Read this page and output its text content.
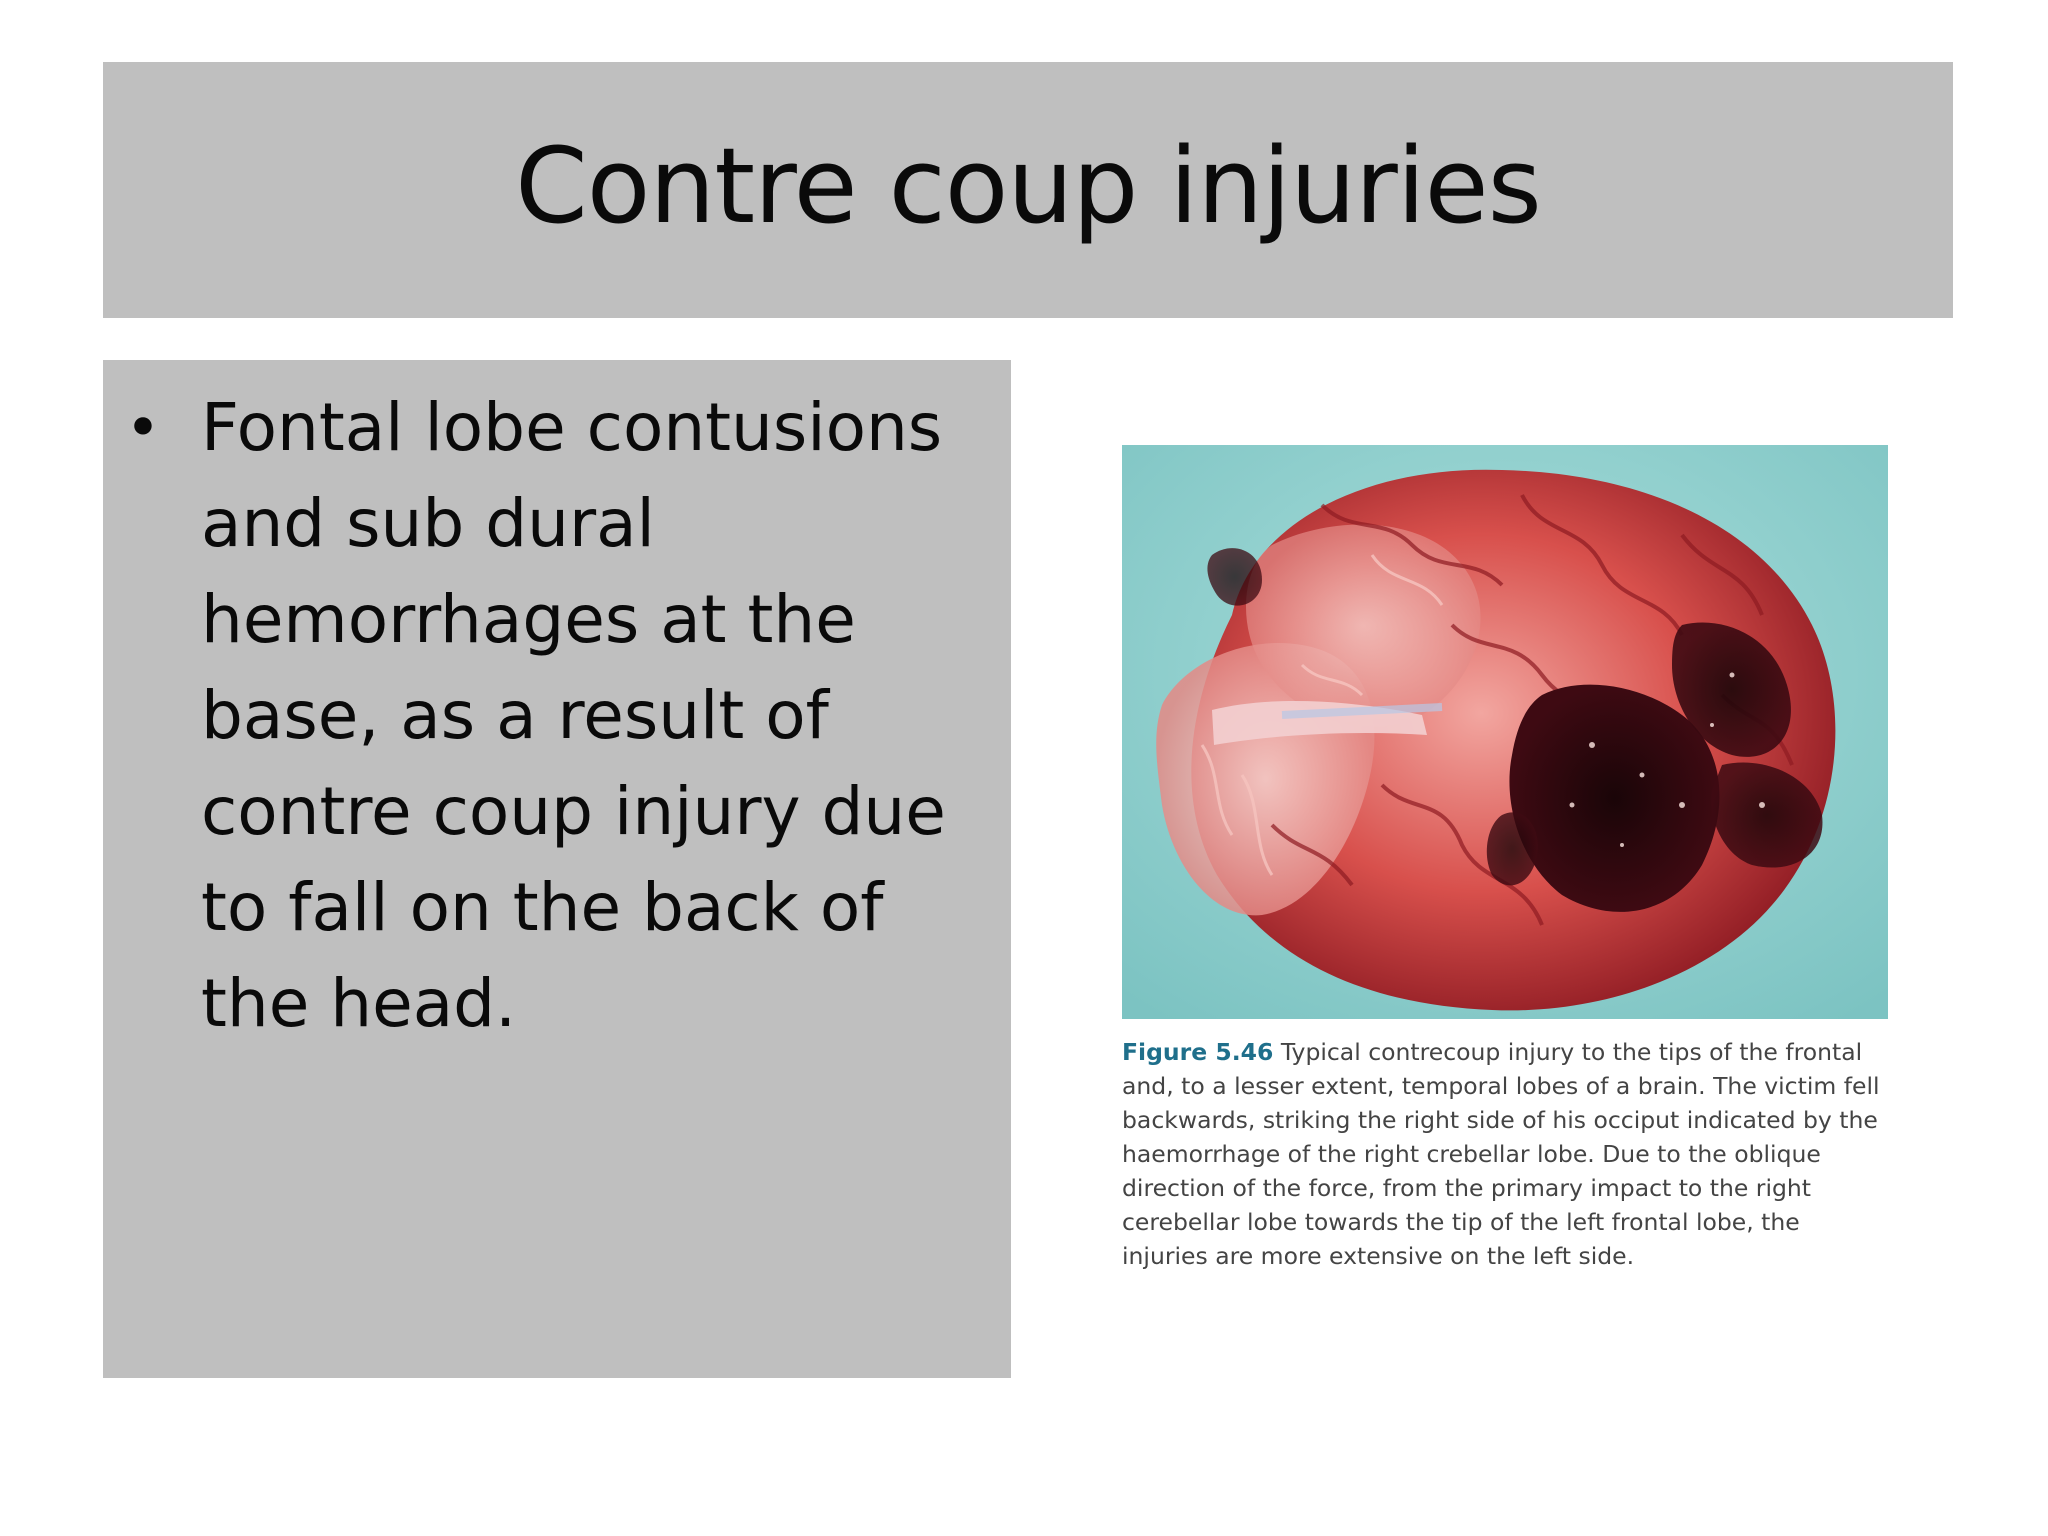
Contre coup injuries
• Fontal lobe contusions and sub dural hemorrhages at the base, as a result of contre coup injury due to fall on the back of the head.
Figure 5.46 Typical contrecoup injury to the tips of the frontal and, to a lesser extent, temporal lobes of a brain. The victim fell backwards, striking the right side of his occiput indicated by the haemorrhage of the right crebellar lobe. Due to the oblique direction of the force, from the primary impact to the right cerebellar lobe towards the tip of the left frontal lobe, the injuries are more extensive on the left side.
